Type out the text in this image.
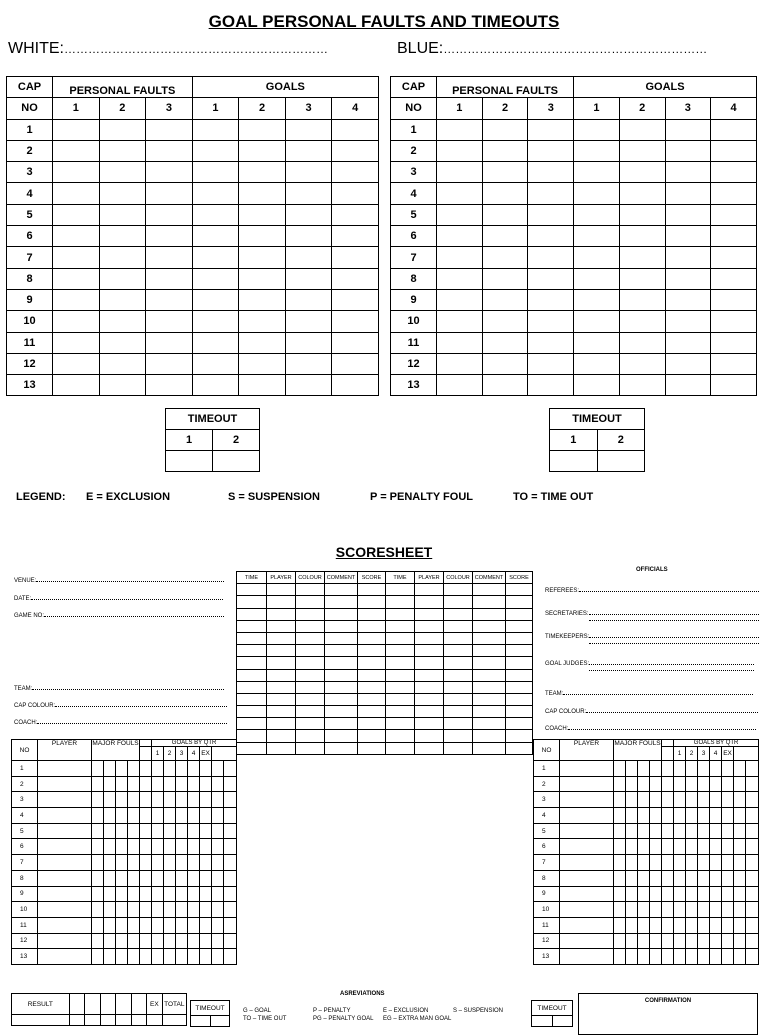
GOAL PERSONAL FAULTS AND TIMEOUTS
WHITE:…………………………………………………………	BLUE:…………………………………………………………
CAP	PERSONAL FAULTS			GOALS			
NO	1	2	3	1	2	3	4
1							
2							
3							
4							
5							
6							
7							
8							
9							
10							
11							
12							
13							
CAP	PERSONAL FAULTS			GOALS			
NO	1	2	3	1	2	3	4
1							
2							
3							
4							
5							
6							
7							
8							
9							
10							
11							
12							
13							
TIMEOUT	
1	2

TIMEOUT	
1	2

LEGEND: E = EXCLUSION	S = SUSPENSION	P = PENALTY FOUL	TO = TIME OUT
SCORESHEET
VENUE:
DATE:
GAME NO:
TEAM:
CAP COLOUR:
COACH:
TIME	PLAYER	COLOUR	COMMENT	SCORE	TIME	PLAYER	COLOUR	COMMENT	SCORE

OFFICIALS
REFEREES:
SECRETARIES:

TIMEKEEPERS:

GOAL JUDGES:

TEAM:
CAP COLOUR:
COACH:
NO	PLAYER	MAJOR FOULS					GOALS BY QTR						
							1	2	3	4	EX		
1													
2													
3													
4													
5													
6													
7													
8													
9													
10													
11													
12													
13													
NO	PLAYER	MAJOR FOULS					GOALS BY QTR						
							1	2	3	4	EX		
1													
2													
3													
4													
5													
6													
7													
8													
9													
10													
11													
12													
13													
RESULT						EX	TOTAL

TIMEOUT

ASREVIATIONS
G – GOAL	P – PENALTY	E – EXCLUSION	S – SUSPENSION
TO – TIME OUT	PG – PENALTY GOAL EG – EXTRA MAN GOAL
TIMEOUT

CONFIRMATION
